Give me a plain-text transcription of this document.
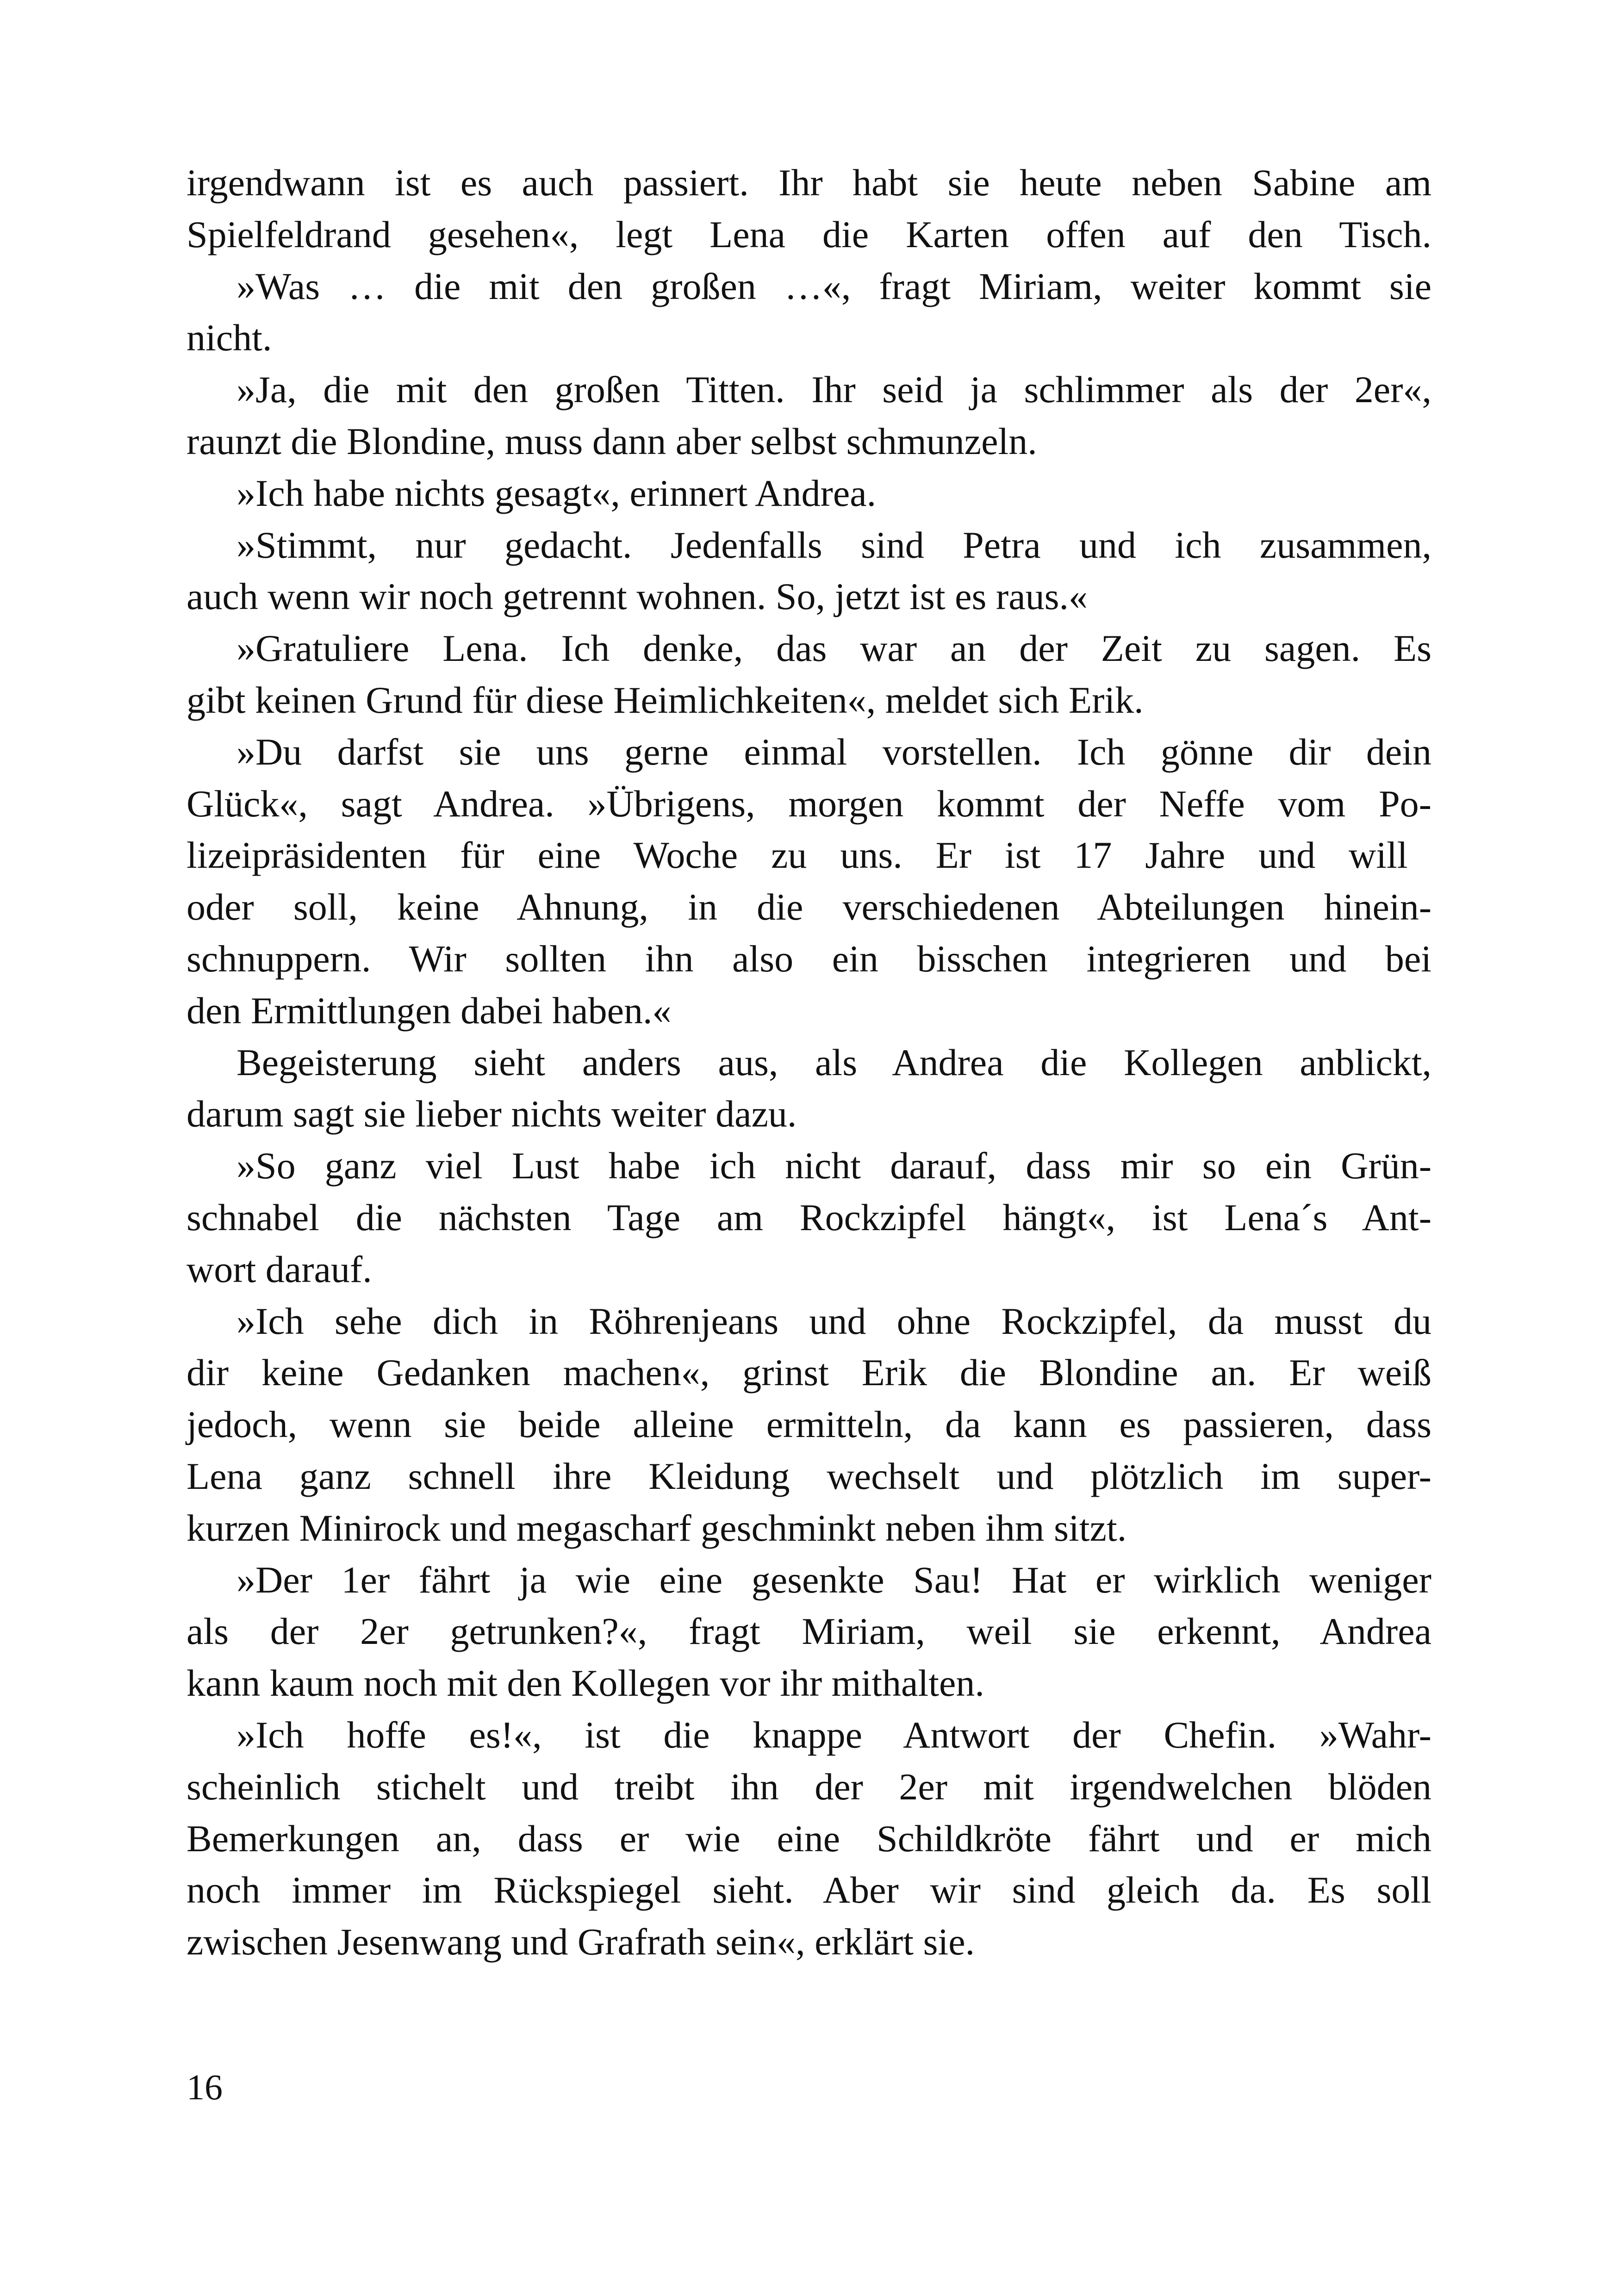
irgendwann ist es auch passiert. Ihr habt sie heute neben Sabine am
Spielfeldrand gesehen«, legt Lena die Karten offen auf den Tisch.
»Was … die mit den großen …«, fragt Miriam, weiter kommt sie
nicht.
»Ja, die mit den großen Titten. Ihr seid ja schlimmer als der 2er«,
raunzt die Blondine, muss dann aber selbst schmunzeln.
»Ich habe nichts gesagt«, erinnert Andrea.
»Stimmt, nur gedacht. Jedenfalls sind Petra und ich zusammen,
auch wenn wir noch getrennt wohnen. So, jetzt ist es raus.«
»Gratuliere Lena. Ich denke, das war an der Zeit zu sagen. Es
gibt keinen Grund für diese Heimlichkeiten«, meldet sich Erik.
»Du darfst sie uns gerne einmal vorstellen. Ich gönne dir dein
Glück«, sagt Andrea. »Übrigens, morgen kommt der Neffe vom Po-
lizeipräsidenten für eine Woche zu uns. Er ist 17 Jahre und will
oder soll, keine Ahnung, in die verschiedenen Abteilungen hinein-
schnuppern. Wir sollten ihn also ein bisschen integrieren und bei
den Ermittlungen dabei haben.«
Begeisterung sieht anders aus, als Andrea die Kollegen anblickt,
darum sagt sie lieber nichts weiter dazu.
»So ganz viel Lust habe ich nicht darauf, dass mir so ein Grün-
schnabel die nächsten Tage am Rockzipfel hängt«, ist Lena´s Ant-
wort darauf.
»Ich sehe dich in Röhrenjeans und ohne Rockzipfel, da musst du
dir keine Gedanken machen«, grinst Erik die Blondine an. Er weiß
jedoch, wenn sie beide alleine ermitteln, da kann es passieren, dass
Lena ganz schnell ihre Kleidung wechselt und plötzlich im super-
kurzen Minirock und megascharf geschminkt neben ihm sitzt.
»Der 1er fährt ja wie eine gesenkte Sau! Hat er wirklich weniger
als der 2er getrunken?«, fragt Miriam, weil sie erkennt, Andrea
kann kaum noch mit den Kollegen vor ihr mithalten.
»Ich hoffe es!«, ist die knappe Antwort der Chefin. »Wahr-
scheinlich stichelt und treibt ihn der 2er mit irgendwelchen blöden
Bemerkungen an, dass er wie eine Schildkröte fährt und er mich
noch immer im Rückspiegel sieht. Aber wir sind gleich da. Es soll
zwischen Jesenwang und Grafrath sein«, erklärt sie.
16
